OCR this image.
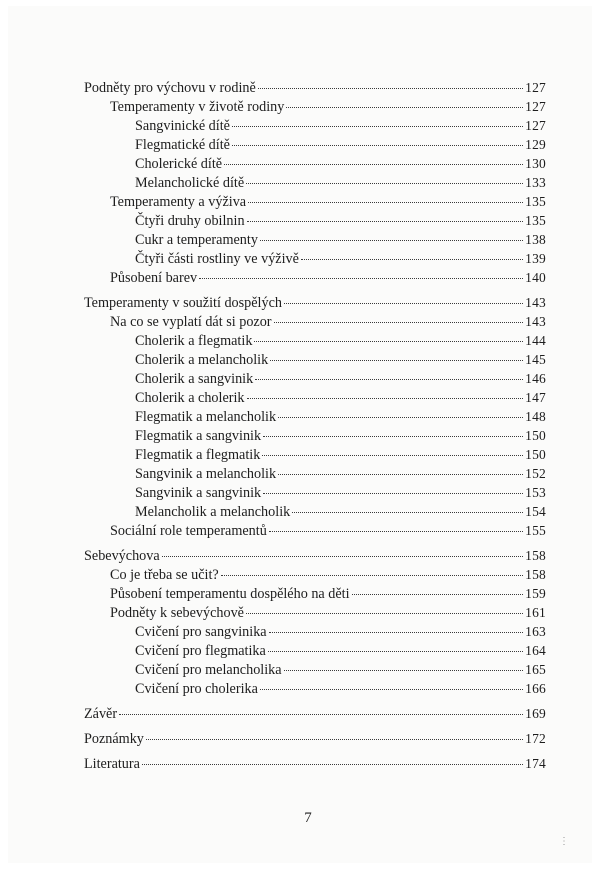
Podněty pro výchovu v rodině	127
Temperamenty v životě rodiny	127
Sangvinické dítě	127
Flegmatické dítě	129
Cholerické dítě	130
Melancholické dítě	133
Temperamenty a výživa	135
Čtyři druhy obilnin	135
Cukr a temperamenty	138
Čtyři části rostliny ve výživě	139
Působení barev	140
Temperamenty v soužití dospělých	143
Na co se vyplatí dát si pozor	143
Cholerik a flegmatik	144
Cholerik a melancholik	145
Cholerik a sangvinik	146
Cholerik a cholerik	147
Flegmatik a melancholik	148
Flegmatik a sangvinik	150
Flegmatik a flegmatik	150
Sangvinik a melancholik	152
Sangvinik a sangvinik	153
Melancholik a melancholik	154
Sociální role temperamentů	155
Sebevýchova	158
Co je třeba se učit?	158
Působení temperamentu dospělého na děti	159
Podněty k sebevýchově	161
Cvičení pro sangvinika	163
Cvičení pro flegmatika	164
Cvičení pro melancholika	165
Cvičení pro cholerika	166
Závěr	169
Poznámky	172
Literatura	174
7
⋮
